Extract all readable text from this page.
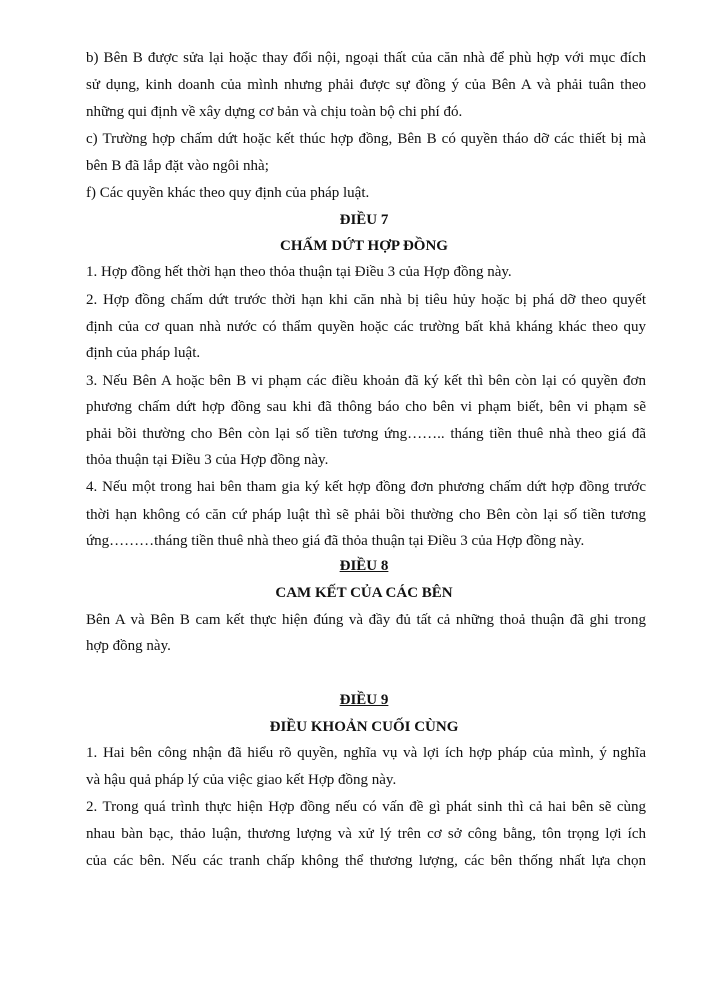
b) Bên B được sửa lại hoặc thay đổi nội, ngoại thất của căn nhà để phù hợp với mục đích
sử dụng, kinh doanh của mình nhưng phải được sự đồng ý của Bên A và phải tuân theo
những qui định về xây dựng cơ bản và chịu toàn bộ chi phí đó.
c) Trường hợp chấm dứt hoặc kết thúc hợp đồng, Bên B có quyền tháo dỡ các thiết bị mà
bên B đã lắp đặt vào ngôi nhà;
f) Các quyền khác theo quy định của pháp luật.
ĐIỀU 7
CHẤM DỨT HỢP ĐỒNG
1. Hợp đồng hết thời hạn theo thỏa thuận tại Điều 3 của Hợp đồng này.
2. Hợp đồng chấm dứt trước thời hạn khi căn nhà bị tiêu hủy hoặc bị phá dỡ theo quyết
định của cơ quan nhà nước có thẩm quyền hoặc các trường bất khả kháng khác theo quy
định của pháp luật.
3. Nếu Bên A hoặc bên B vi phạm các điều khoản đã ký kết thì bên còn lại có quyền đơn
phương chấm dứt hợp đồng sau khi đã thông báo cho bên vi phạm biết, bên vi phạm sẽ
phải bồi thường cho Bên còn lại số tiền tương ứng…….. tháng tiền thuê nhà theo giá đã
thỏa thuận tại Điều 3 của Hợp đồng này.
4. Nếu một trong hai bên tham gia ký kết hợp đồng đơn phương chấm dứt hợp đồng trước
thời hạn không có căn cứ pháp luật thì sẽ phải bồi thường cho Bên còn lại số tiền tương
ứng………tháng tiền thuê nhà theo giá đã thỏa thuận tại Điều 3 của Hợp đồng này.
ĐIỀU 8
CAM KẾT CỦA CÁC BÊN
Bên A và Bên B cam kết thực hiện đúng và đầy đủ tất cả những thoả thuận đã ghi trong
hợp đồng này.
ĐIỀU 9
ĐIỀU KHOẢN CUỐI CÙNG
1. Hai bên công nhận đã hiểu rõ quyền, nghĩa vụ và lợi ích hợp pháp của mình, ý nghĩa
và hậu quả pháp lý của việc giao kết Hợp đồng này.
2. Trong quá trình thực hiện Hợp đồng nếu có vấn đề gì phát sinh thì cả hai bên sẽ cùng
nhau bàn bạc, thảo luận, thương lượng và xử lý trên cơ sở công bằng, tôn trọng lợi ích
của các bên. Nếu các tranh chấp không thể thương lượng, các bên thống nhất lựa chọn
